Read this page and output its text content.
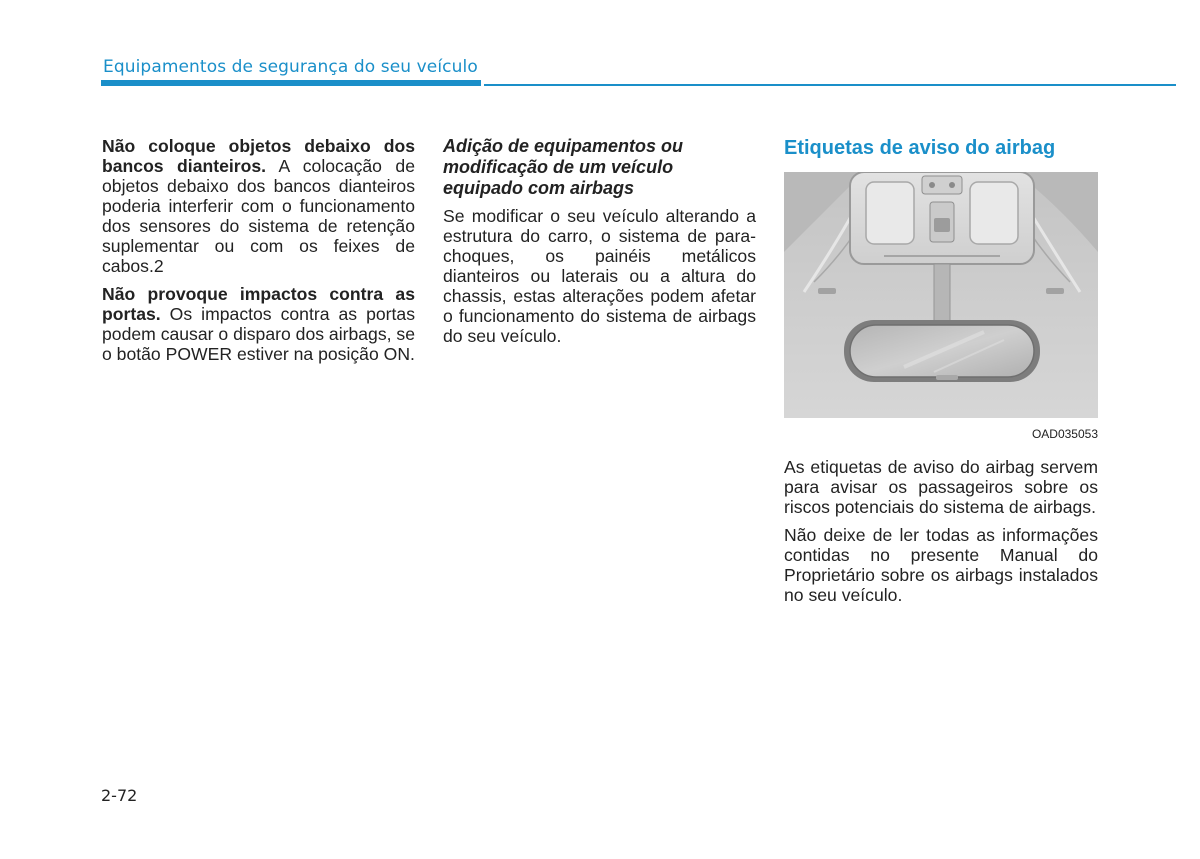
Equipamentos de segurança do seu veículo

Não coloque objetos debaixo dos bancos dianteiros. A colocação de objetos debaixo dos bancos dianteiros poderia interferir com o funcionamento dos sensores do sistema de retenção suplementar ou com os feixes de cabos.2

Não provoque impactos contra as portas. Os impactos contra as portas podem causar o disparo dos airbags, se o botão POWER estiver na posição ON.

Adição de equipamentos ou modificação de um veículo equipado com airbags

Se modificar o seu veículo alterando a estrutura do carro, o sistema de para-choques, os painéis metálicos dianteiros ou laterais ou a altura do chassis, estas alterações podem afetar o funcionamento do sistema de airbags do seu veículo.

Etiquetas de aviso do airbag
OAD035053

As etiquetas de aviso do airbag servem para avisar os passageiros sobre os riscos potenciais do sistema de airbags.

Não deixe de ler todas as informações contidas no presente Manual do Proprietário sobre os airbags instalados no seu veículo.

2-72
